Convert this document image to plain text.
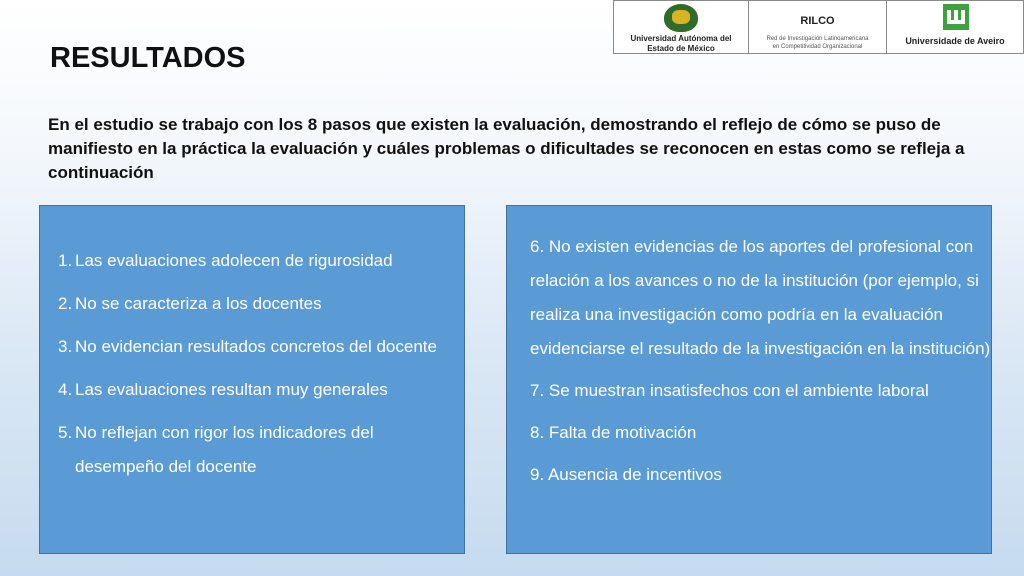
Universidad Autónoma del
Estado de México
RILCO
Red de Investigación Latinoamericana
en Competitividad Organizacional
Universidade de Aveiro
RESULTADOS

En el estudio se trabajo con los 8 pasos que existen la evaluación, demostrando el reflejo de cómo se puso de manifiesto en la práctica la evaluación y cuáles problemas o dificultades se reconocen en estas como se refleja a continuación

1. Las evaluaciones adolecen de rigurosidad
2. No se caracteriza a los docentes
3. No evidencian resultados concretos del docente
4. Las evaluaciones resultan muy generales
5. No reflejan con rigor los indicadores del desempeño del docente

6. No existen evidencias de los aportes del profesional con relación a los avances o no de la institución (por ejemplo, si realiza una investigación como podría en la evaluación evidenciarse el resultado de la investigación en la institución)

7. Se muestran insatisfechos con el ambiente laboral

8. Falta de motivación

9. Ausencia de incentivos
